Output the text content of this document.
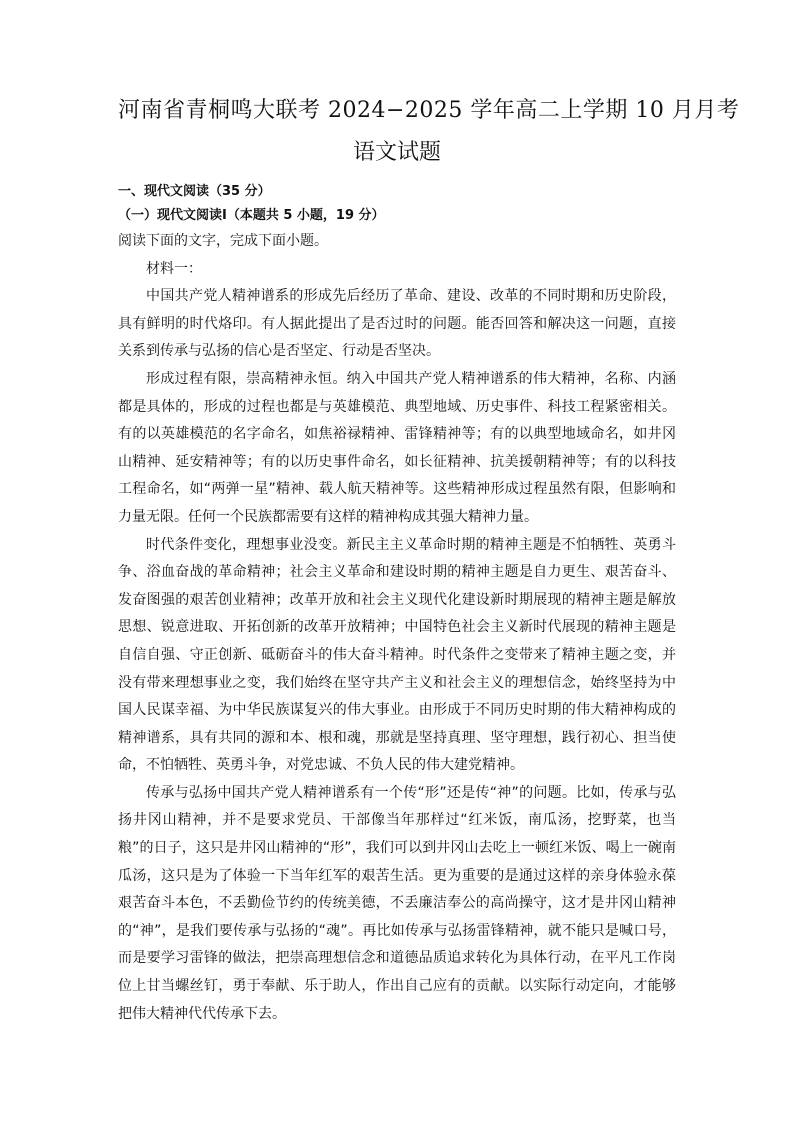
河南省青桐鸣大联考 2024−2025 学年高二上学期 10 月月考
语文试题

一、现代文阅读（35 分）

（一）现代文阅读Ⅰ（本题共 5 小题，19 分）

阅读下面的文字，完成下面小题。

材料一：

中国共产党人精神谱系的形成先后经历了革命、建设、改革的不同时期和历史阶段，具有鲜明的时代烙印。有人据此提出了是否过时的问题。能否回答和解决这一问题，直接关系到传承与弘扬的信心是否坚定、行动是否坚决。

形成过程有限，崇高精神永恒。纳入中国共产党人精神谱系的伟大精神，名称、内涵都是具体的，形成的过程也都是与英雄模范、典型地域、历史事件、科技工程紧密相关。有的以英雄模范的名字命名，如焦裕禄精神、雷锋精神等；有的以典型地域命名，如井冈山精神、延安精神等；有的以历史事件命名，如长征精神、抗美援朝精神等；有的以科技工程命名，如“两弹一星”精神、载人航天精神等。这些精神形成过程虽然有限，但影响和力量无限。任何一个民族都需要有这样的精神构成其强大精神力量。

时代条件变化，理想事业没变。新民主主义革命时期的精神主题是不怕牺牲、英勇斗争、浴血奋战的革命精神；社会主义革命和建设时期的精神主题是自力更生、艰苦奋斗、发奋图强的艰苦创业精神；改革开放和社会主义现代化建设新时期展现的精神主题是解放思想、锐意进取、开拓创新的改革开放精神；中国特色社会主义新时代展现的精神主题是自信自强、守正创新、砥砺奋斗的伟大奋斗精神。时代条件之变带来了精神主题之变，并没有带来理想事业之变，我们始终在坚守共产主义和社会主义的理想信念，始终坚持为中国人民谋幸福、为中华民族谋复兴的伟大事业。由形成于不同历史时期的伟大精神构成的精神谱系，具有共同的源和本、根和魂，那就是坚持真理、坚守理想，践行初心、担当使命，不怕牺牲、英勇斗争，对党忠诚、不负人民的伟大建党精神。

传承与弘扬中国共产党人精神谱系有一个传“形”还是传“神”的问题。比如，传承与弘扬井冈山精神，并不是要求党员、干部像当年那样过“红米饭，南瓜汤，挖野菜，也当粮”的日子，这只是井冈山精神的“形”，我们可以到井冈山去吃上一顿红米饭、喝上一碗南瓜汤，这只是为了体验一下当年红军的艰苦生活。更为重要的是通过这样的亲身体验永葆艰苦奋斗本色，不丢勤俭节约的传统美德，不丢廉洁奉公的高尚操守，这才是井冈山精神的“神”，是我们要传承与弘扬的“魂”。再比如传承与弘扬雷锋精神，就不能只是喊口号，而是要学习雷锋的做法，把崇高理想信念和道德品质追求转化为具体行动，在平凡工作岗位上甘当螺丝钉，勇于奉献、乐于助人，作出自己应有的贡献。以实际行动定向，才能够把伟大精神代代传承下去。
